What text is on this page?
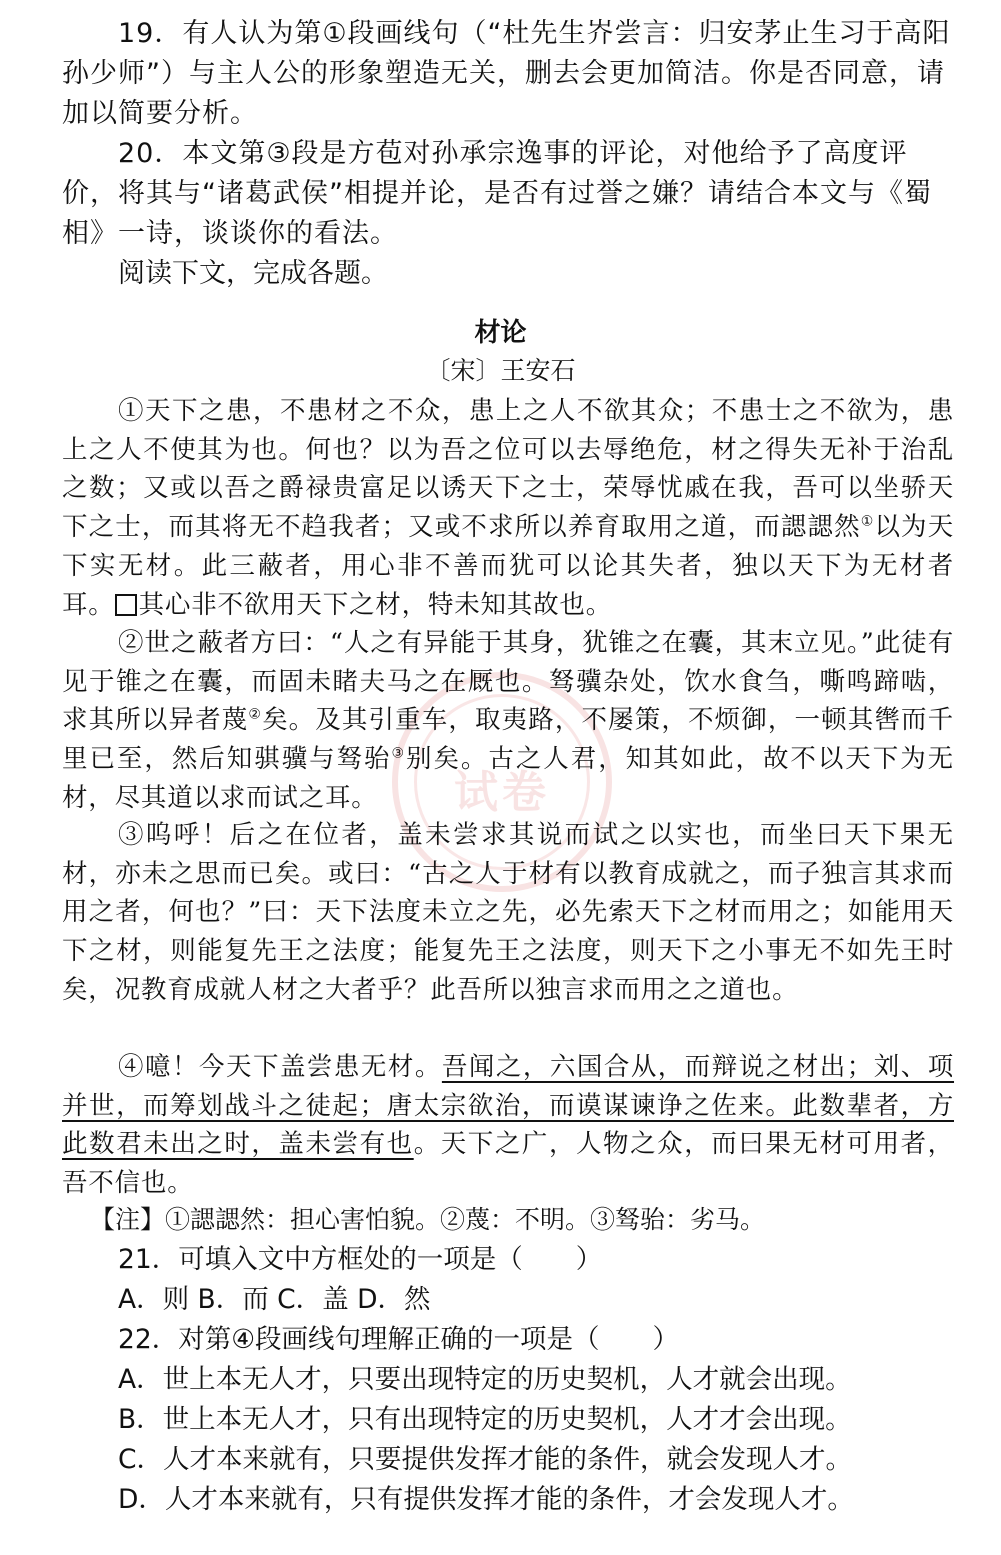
试卷
19．有人认为第①段画线句（“杜先生岕尝言：归安茅止生习于高阳孙少师”）与主人公的形象塑造无关，删去会更加简洁。你是否同意，请加以简要分析。
20．本文第③段是方苞对孙承宗逸事的评论，对他给予了高度评价，将其与“诸葛武侯”相提并论，是否有过誉之嫌？请结合本文与《蜀相》一诗，谈谈你的看法。
阅读下文，完成各题。
材论
〔宋〕王安石
①天下之患，不患材之不众，患上之人不欲其众；不患士之不欲为，患上之人不使其为也。何也？以为吾之位可以去辱绝危，材之得失无补于治乱之数；又或以吾之爵禄贵富足以诱天下之士，荣辱忧戚在我，吾可以坐骄天下之士，而其将无不趋我者；又或不求所以养育取用之道，而諰諰然①以为天下实无材。此三蔽者，用心非不善而犹可以论其失者，独以天下为无材者耳。 其心非不欲用天下之材，特未知其故也。
②世之蔽者方曰：“人之有异能于其身，犹锥之在囊，其末立见。”此徒有见于锥之在囊，而固未睹夫马之在厩也。驽骥杂处，饮水食刍，嘶鸣蹄啮，求其所以异者蔑②矣。及其引重车，取夷路，不屡策，不烦御，一顿其辔而千里已至，然后知骐骥与驽骀③别矣。古之人君，知其如此，故不以天下为无材，尽其道以求而试之耳。
③呜呼！后之在位者，盖未尝求其说而试之以实也，而坐曰天下果无材，亦未之思而已矣。或曰：“古之人于材有以教育成就之，而子独言其求而用之者，何也？”曰：天下法度未立之先，必先索天下之材而用之；如能用天下之材，则能复先王之法度；能复先王之法度，则天下之小事无不如先王时矣，况教育成就人材之大者乎？此吾所以独言求而用之之道也。
④噫！今天下盖尝患无材。吾闻之，六国合从，而辩说之材出；刘、项并世，而筹划战斗之徒起；唐太宗欲治，而谟谋谏诤之佐来。此数辈者，方此数君未出之时，盖未尝有也。天下之广，人物之众，而曰果无材可用者，吾不信也。
【注】①諰諰然：担心害怕貌。②蔑：不明。③驽骀：劣马。
21．可填入文中方框处的一项是（　　）
A．则 B．而 C．盖 D．然
22．对第④段画线句理解正确的一项是（　　）
A．世上本无人才，只要出现特定的历史契机，人才就会出现。
B．世上本无人才，只有出现特定的历史契机，人才才会出现。
C．人才本来就有，只要提供发挥才能的条件，就会发现人才。
D．人才本来就有，只有提供发挥才能的条件，才会发现人才。
